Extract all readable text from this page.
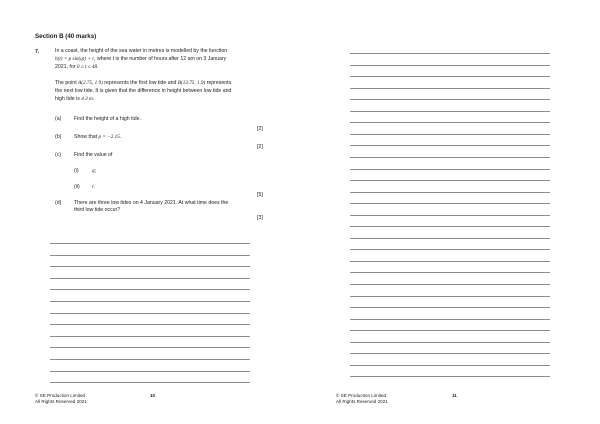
Section B (40 marks)
7.	In a coast, the height of the sea water in metres is modelled by the function
h(t) = p sin(qt) + r, where t is the number of hours after 12 am on 3 January
2021, for 0 ≤ t ≤ 48.
The point A(2.75, 1.9) represents the first low tide and B(13.75, 1.9) represents
the next low tide. It is given that the difference in height between low tide and
high tide is 4.3 m.
(a) Find the height of a high tide.
[2]
(b) Show that p = −2.15.
[2]
(c) Find the value of
(i)	q;
(ii) r.
[5]
(d) There are three low tides on 4 January 2021. At what time does the
third low tide occur?
[3]
© SE Production Limited
All Rights Reserved 2021
10	© SE Production Limited
All Rights Reserved 2021
11
